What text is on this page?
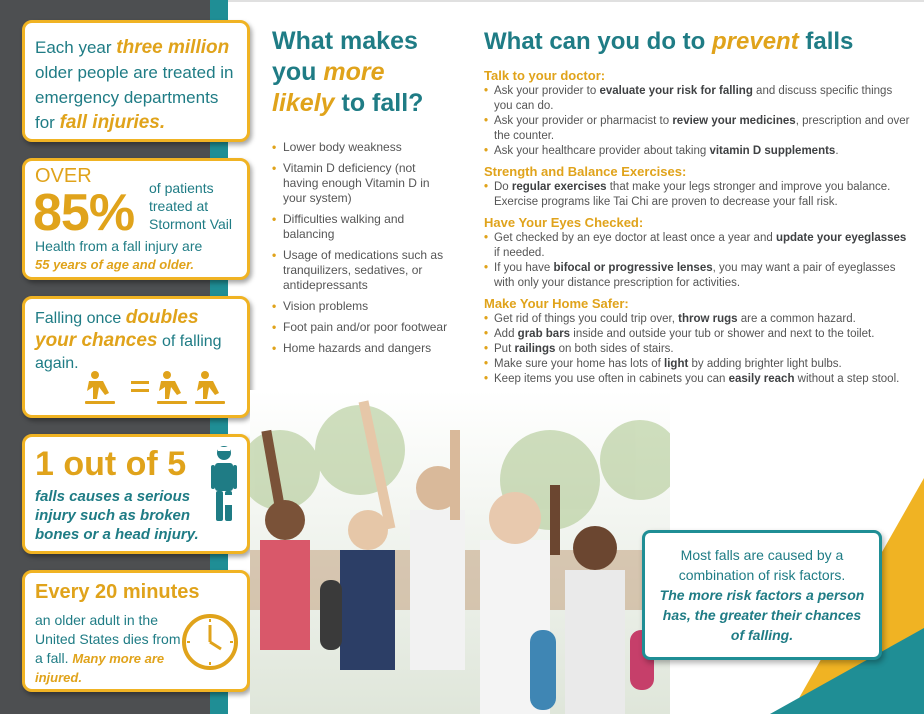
Each year three million older people are treated in emergency departments for fall injuries.
OVER
85% of patients treated at Stormont Vail
Health from a fall injury are
55 years of age and older.
Falling once doubles your chances of falling again.
1 out of 5
falls causes a serious injury such as broken bones or a head injury.
Every 20 minutes
an older adult in the United States dies from a fall. Many more are injured.
What makes you more likely to fall?
• Lower body weakness
• Vitamin D deficiency (not having enough Vitamin D in your system)
• Difficulties walking and balancing
• Usage of medications such as tranquilizers, sedatives, or antidepressants
• Vision problems
• Foot pain and/or poor footwear
• Home hazards and dangers
What can you do to prevent falls
Talk to your doctor:
• Ask your provider to evaluate your risk for falling and discuss specific things you can do.
• Ask your provider or pharmacist to review your medicines, prescription and over the counter.
• Ask your healthcare provider about taking vitamin D supplements.
Strength and Balance Exercises:
• Do regular exercises that make your legs stronger and improve you balance.
Exercise programs like Tai Chi are proven to decrease your fall risk.
Have Your Eyes Checked:
• Get checked by an eye doctor at least once a year and update your eyeglasses if needed.
• If you have bifocal or progressive lenses, you may want a pair of eyeglasses with only your distance prescription for activities.
Make Your Home Safer:
• Get rid of things you could trip over, throw rugs are a common hazard.
• Add grab bars inside and outside your tub or shower and next to the toilet.
• Put railings on both sides of stairs.
• Make sure your home has lots of light by adding brighter light bulbs.
• Keep items you use often in cabinets you can easily reach without a step stool.
Most falls are caused by a combination of risk factors.
The more risk factors a person has, the greater their chances of falling.
